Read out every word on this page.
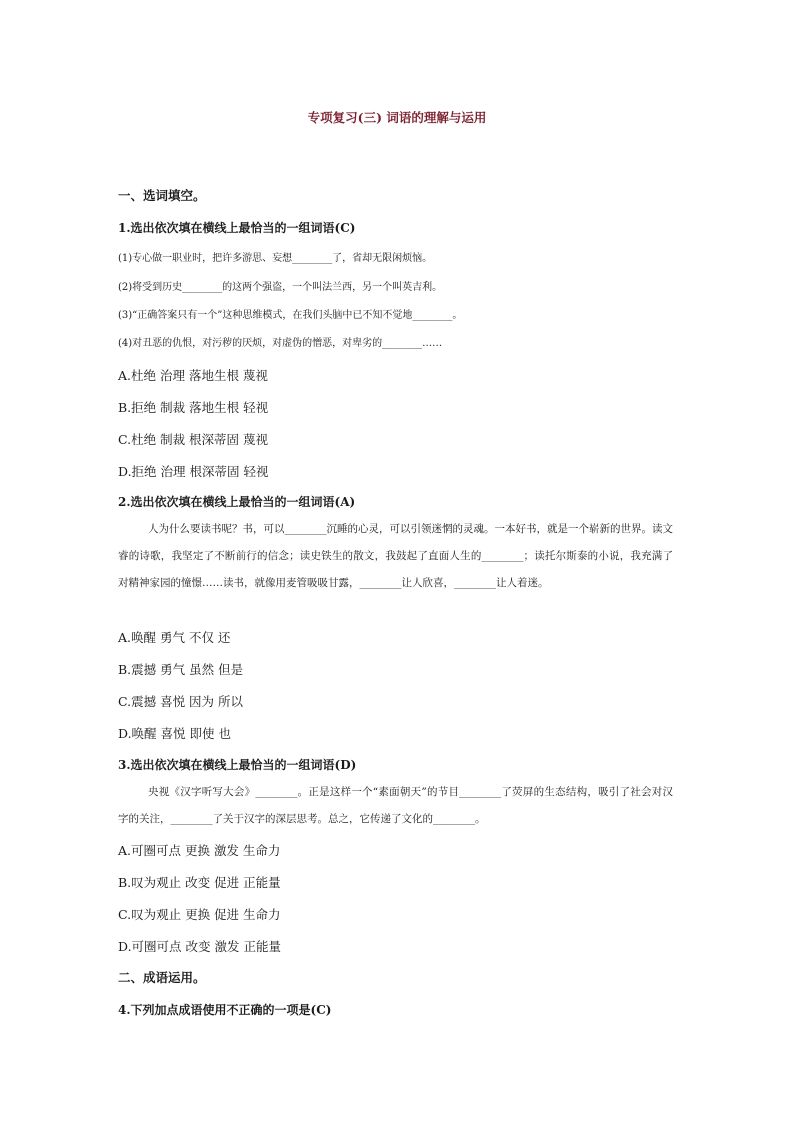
专项复习(三) 词语的理解与运用
一、选词填空。
1.选出依次填在横线上最恰当的一组词语(C)
(1)专心做一职业时，把许多游思、妄想________了，省却无限闲烦恼。
(2)将受到历史________的这两个强盗，一个叫法兰西，另一个叫英吉利。
(3)“正确答案只有一个”这种思维模式，在我们头脑中已不知不觉地________。
(4)对丑恶的仇恨，对污秽的厌烦，对虚伪的憎恶，对卑劣的________……
A.杜绝 治理 落地生根 蔑视
B.拒绝 制裁 落地生根 轻视
C.杜绝 制裁 根深蒂固 蔑视
D.拒绝 治理 根深蒂固 轻视
2.选出依次填在横线上最恰当的一组词语(A)
人为什么要读书呢？书，可以________沉睡的心灵，可以引领迷惘的灵魂。一本好书，就是一个崭新的世界。读文睿的诗歌，我坚定了不断前行的信念；读史铁生的散文，我鼓起了直面人生的________；读托尔斯泰的小说，我充满了对精神家园的憧憬……读书，就像用麦管吸吸甘露，________让人欣喜，________让人着迷。
A.唤醒 勇气 不仅 还
B.震撼 勇气 虽然 但是
C.震撼 喜悦 因为 所以
D.唤醒 喜悦 即使 也
3.选出依次填在横线上最恰当的一组词语(D)
央视《汉字听写大会》________。正是这样一个“素面朝天”的节目________了荧屏的生态结构，吸引了社会对汉字的关注，________了关于汉字的深层思考。总之，它传递了文化的________。
A.可圈可点 更换 激发 生命力
B.叹为观止 改变 促进 正能量
C.叹为观止 更换 促进 生命力
D.可圈可点 改变 激发 正能量
二、成语运用。
4.下列加点成语使用不正确的一项是(C)
